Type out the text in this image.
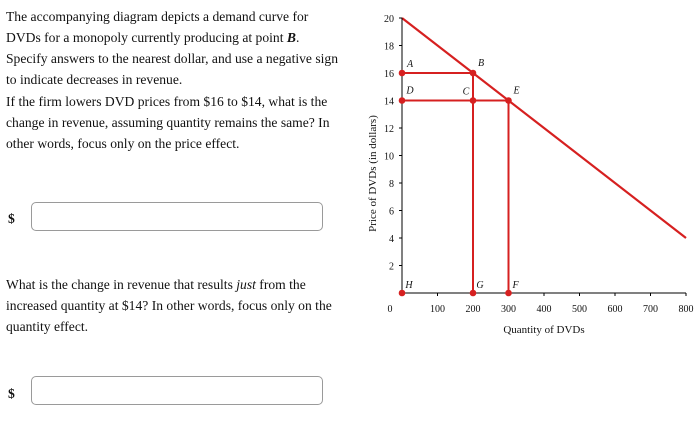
The accompanying diagram depicts a demand curve for DVDs for a monopoly currently producing at point B. Specify answers to the nearest dollar, and use a negative sign to indicate decreases in revenue.
If the firm lowers DVD prices from $16 to $14, what is the change in revenue, assuming quantity remains the same? In other words, focus only on the price effect.
$
What is the change in revenue that results just from the increased quantity at $14? In other words, focus only on the quantity effect.
$
2
4
6
8
10
12
14
16
18
20
0	100 200 300 400 500 600 700 800
Quantity of DVDs
Price of DVDs (in dollars)
A	B
C
D	E
F
G
H
